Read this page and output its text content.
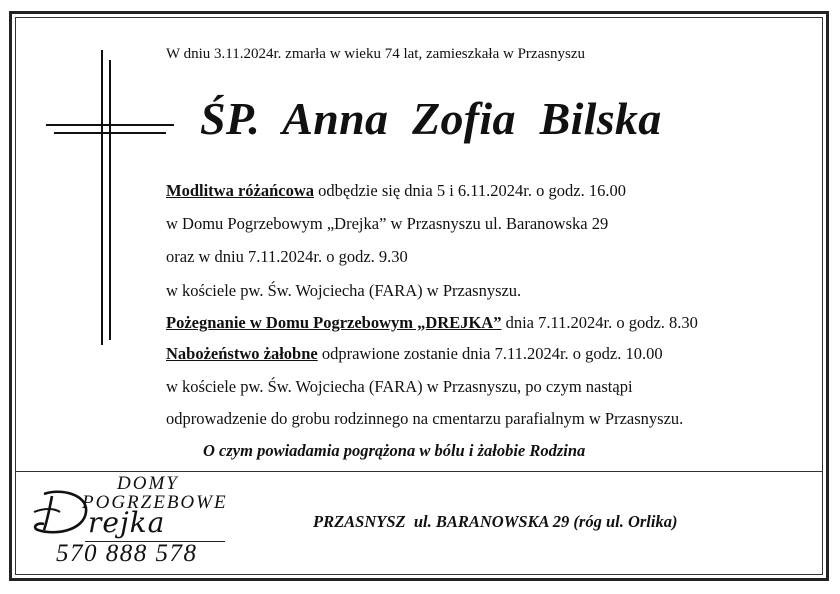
W dniu 3.11.2024r. zmarła w wieku 74 lat, zamieszkała w Przasnyszu
ŚP. Anna Zofia Bilska
Modlitwa różańcowa odbędzie się dnia 5 i 6.11.2024r. o godz. 16.00
w Domu Pogrzebowym „Drejka” w Przasnyszu ul. Baranowska 29
oraz w dniu 7.11.2024r. o godz. 9.30
w kościele pw. Św. Wojciecha (FARA) w Przasnyszu.
Pożegnanie w Domu Pogrzebowym „DREJKA” dnia 7.11.2024r. o godz. 8.30
Nabożeństwo żałobne odprawione zostanie dnia 7.11.2024r. o godz. 10.00
w kościele pw. Św. Wojciecha (FARA) w Przasnyszu, po czym nastąpi
odprowadzenie do grobu rodzinnego na cmentarzu parafialnym w Przasnyszu.
O czym powiadamia pogrążona w bólu i żałobie Rodzina
DOMY
POGRZEBOWE
rejka
570 888 578
PRZASNYSZ  ul. BARANOWSKA 29 (róg ul. Orlika)
